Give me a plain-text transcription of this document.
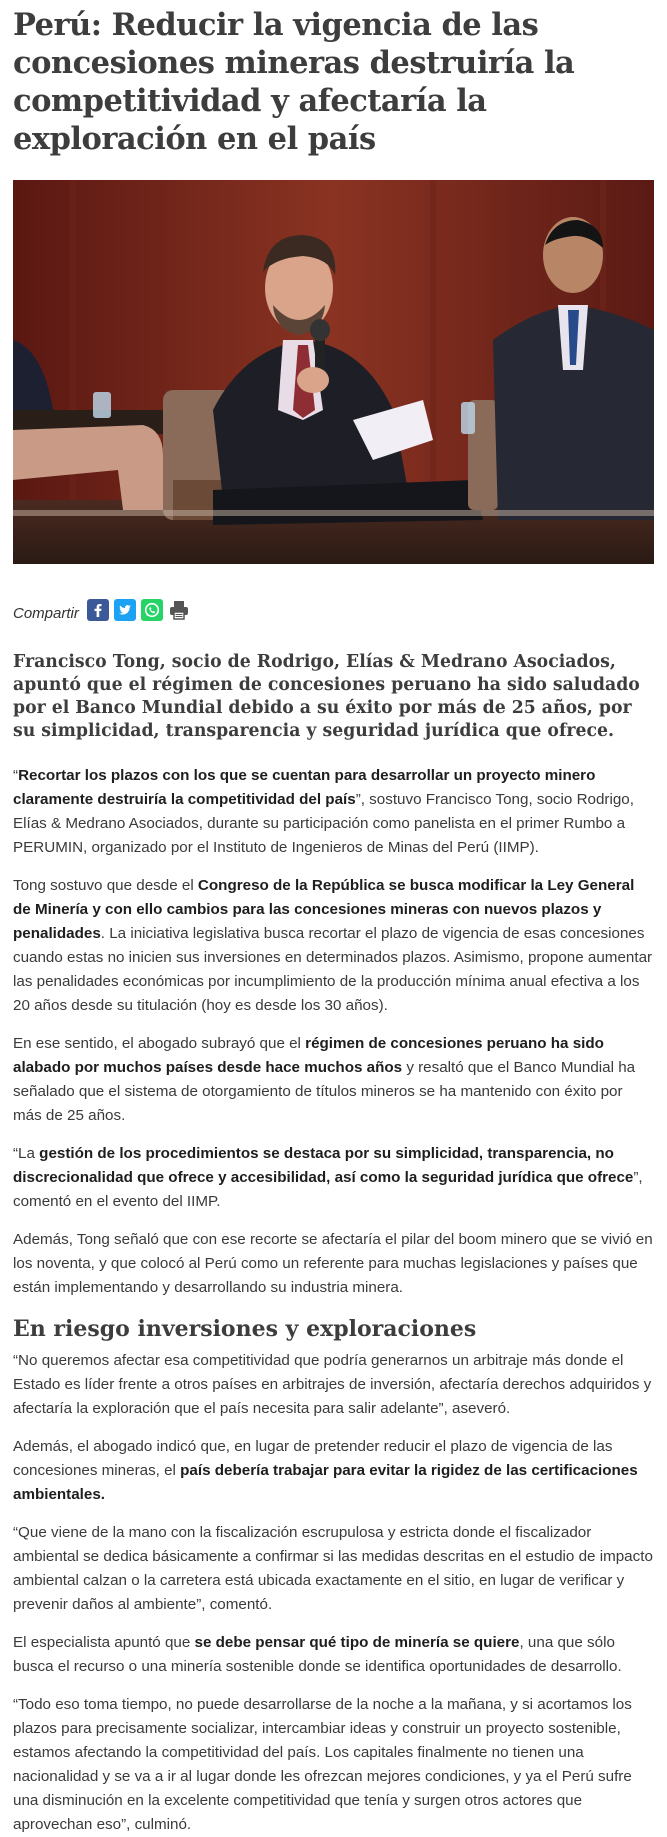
Perú: Reducir la vigencia de las concesiones mineras destruiría la competitividad y afectaría la exploración en el país
Compartir

Francisco Tong, socio de Rodrigo, Elías & Medrano Asociados, apuntó que el régimen de concesiones peruano ha sido saludado por el Banco Mundial debido a su éxito por más de 25 años, por su simplicidad, transparencia y seguridad jurídica que ofrece.

“Recortar los plazos con los que se cuentan para desarrollar un proyecto minero claramente destruiría la competitividad del país”, sostuvo Francisco Tong, socio Rodrigo, Elías & Medrano Asociados, durante su participación como panelista en el primer Rumbo a PERUMIN, organizado por el Instituto de Ingenieros de Minas del Perú (IIMP).

Tong sostuvo que desde el Congreso de la República se busca modificar la Ley General de Minería y con ello cambios para las concesiones mineras con nuevos plazos y penalidades. La iniciativa legislativa busca recortar el plazo de vigencia de esas concesiones cuando estas no inicien sus inversiones en determinados plazos. Asimismo, propone aumentar las penalidades económicas por incumplimiento de la producción mínima anual efectiva a los 20 años desde su titulación (hoy es desde los 30 años).

En ese sentido, el abogado subrayó que el régimen de concesiones peruano ha sido alabado por muchos países desde hace muchos años y resaltó que el Banco Mundial ha señalado que el sistema de otorgamiento de títulos mineros se ha mantenido con éxito por más de 25 años.

“La gestión de los procedimientos se destaca por su simplicidad, transparencia, no discrecionalidad que ofrece y accesibilidad, así como la seguridad jurídica que ofrece”, comentó en el evento del IIMP.

Además, Tong señaló que con ese recorte se afectaría el pilar del boom minero que se vivió en los noventa, y que colocó al Perú como un referente para muchas legislaciones y países que están implementando y desarrollando su industria minera.

En riesgo inversiones y exploraciones

“No queremos afectar esa competitividad que podría generarnos un arbitraje más donde el Estado es líder frente a otros países en arbitrajes de inversión, afectaría derechos adquiridos y afectaría la exploración que el país necesita para salir adelante”, aseveró.

Además, el abogado indicó que, en lugar de pretender reducir el plazo de vigencia de las concesiones mineras, el país debería trabajar para evitar la rigidez de las certificaciones ambientales.

“Que viene de la mano con la fiscalización escrupulosa y estricta donde el fiscalizador ambiental se dedica básicamente a confirmar si las medidas descritas en el estudio de impacto ambiental calzan o la carretera está ubicada exactamente en el sitio, en lugar de verificar y prevenir daños al ambiente”, comentó.

El especialista apuntó que se debe pensar qué tipo de minería se quiere, una que sólo busca el recurso o una minería sostenible donde se identifica oportunidades de desarrollo.

“Todo eso toma tiempo, no puede desarrollarse de la noche a la mañana, y si acortamos los plazos para precisamente socializar, intercambiar ideas y construir un proyecto sostenible, estamos afectando la competitividad del país. Los capitales finalmente no tienen una nacionalidad y se va a ir al lugar donde les ofrezcan mejores condiciones, y ya el Perú sufre una disminución en la excelente competitividad que tenía y surgen otros actores que aprovechan eso”, culminó.
